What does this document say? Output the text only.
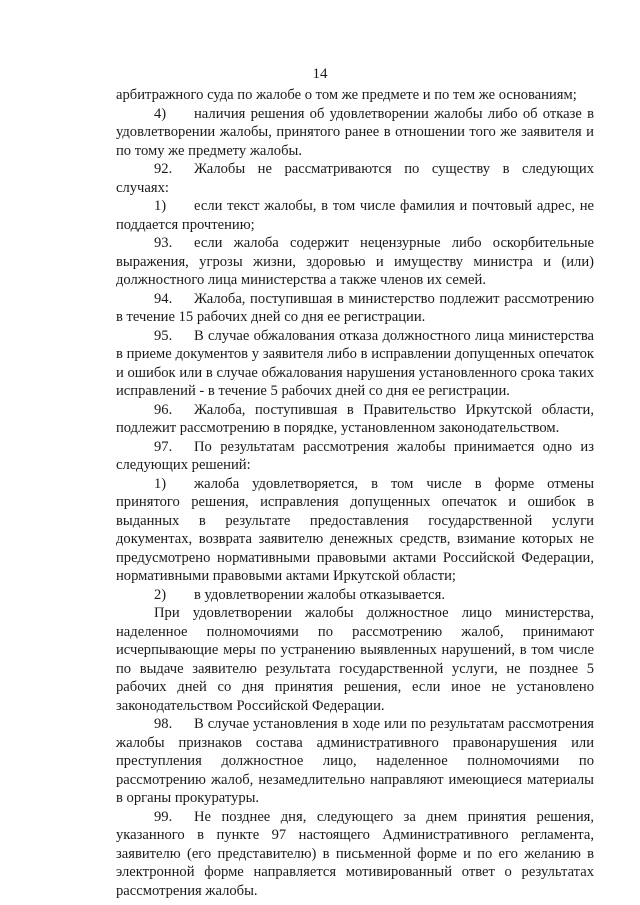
14

арбитражного суда по жалобе о том же предмете и по тем же основаниям;

4) наличия решения об удовлетворении жалобы либо об отказе в удовлетворении жалобы, принятого ранее в отношении того же заявителя и по тому же предмету жалобы.

92. Жалобы не рассматриваются по существу в следующих случаях:

1) если текст жалобы, в том числе фамилия и почтовый адрес, не поддается прочтению;

93. если жалоба содержит нецензурные либо оскорбительные выражения, угрозы жизни, здоровью и имуществу министра и (или) должностного лица министерства а также членов их семей.

94. Жалоба, поступившая в министерство подлежит рассмотрению в течение 15 рабочих дней со дня ее регистрации.

95. В случае обжалования отказа должностного лица министерства в приеме документов у заявителя либо в исправлении допущенных опечаток и ошибок или в случае обжалования нарушения установленного срока таких исправлений - в течение 5 рабочих дней со дня ее регистрации.

96. Жалоба, поступившая в Правительство Иркутской области, подлежит рассмотрению в порядке, установленном законодательством.

97. По результатам рассмотрения жалобы принимается одно из следующих решений:

1) жалоба удовлетворяется, в том числе в форме отмены принятого решения, исправления допущенных опечаток и ошибок в выданных в результате предоставления государственной услуги документах, возврата заявителю денежных средств, взимание которых не предусмотрено нормативными правовыми актами Российской Федерации, нормативными правовыми актами Иркутской области;

2) в удовлетворении жалобы отказывается.

При удовлетворении жалобы должностное лицо министерства, наделенное полномочиями по рассмотрению жалоб, принимают исчерпывающие меры по устранению выявленных нарушений, в том числе по выдаче заявителю результата государственной услуги, не позднее 5 рабочих дней со дня принятия решения, если иное не установлено законодательством Российской Федерации.

98. В случае установления в ходе или по результатам рассмотрения жалобы признаков состава административного правонарушения или преступления должностное лицо, наделенное полномочиями по рассмотрению жалоб, незамедлительно направляют имеющиеся материалы в органы прокуратуры.

99. Не позднее дня, следующего за днем принятия решения, указанного в пункте 97 настоящего Административного регламента, заявителю (его представителю) в письменной форме и по его желанию в электронной форме направляется мотивированный ответ о результатах рассмотрения жалобы.
